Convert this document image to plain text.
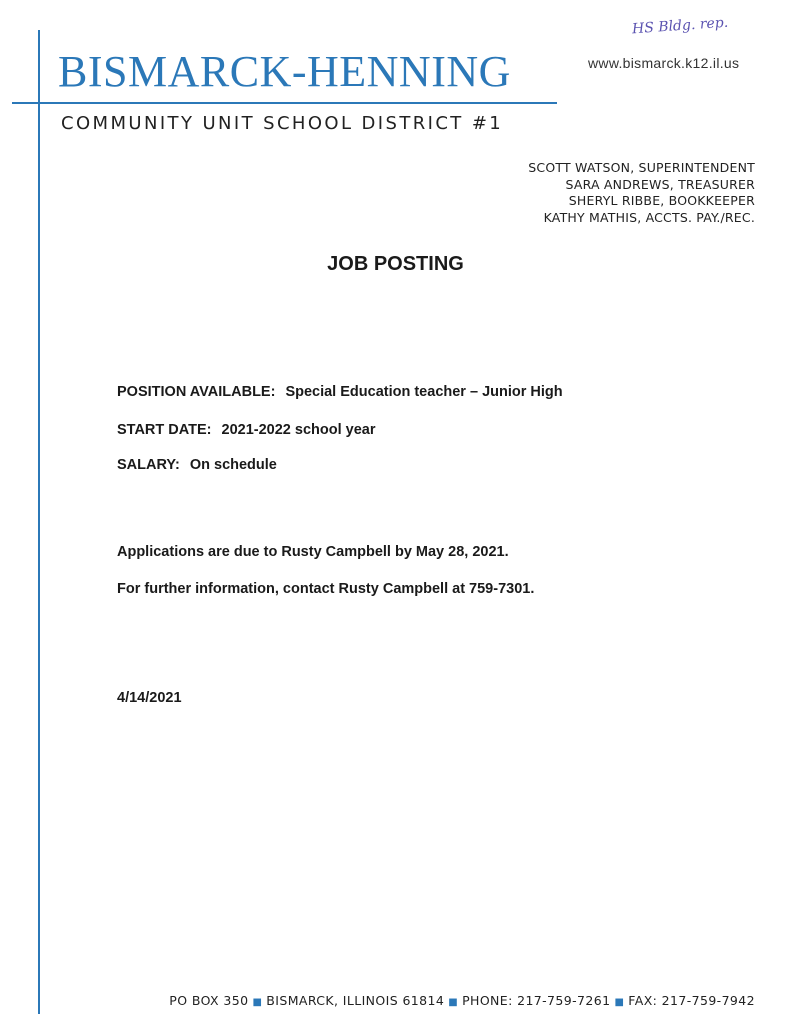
HS Bldg. rep.
BISMARCK-HENNING	www.bismarck.k12.il.us
COMMUNITY UNIT SCHOOL DISTRICT #1
SCOTT WATSON, SUPERINTENDENT
SARA ANDREWS, TREASURER
SHERYL RIBBE, BOOKKEEPER
KATHY MATHIS, ACCTS. PAY./REC.
JOB POSTING
POSITION AVAILABLE: Special Education teacher – Junior High
START DATE: 2021-2022 school year
SALARY: On schedule
Applications are due to Rusty Campbell by May 28, 2021.
For further information, contact Rusty Campbell at 759-7301.
4/14/2021
PO BOX 350 ■ BISMARCK, ILLINOIS 61814 ■ PHONE: 217-759-7261 ■ FAX: 217-759-7942
